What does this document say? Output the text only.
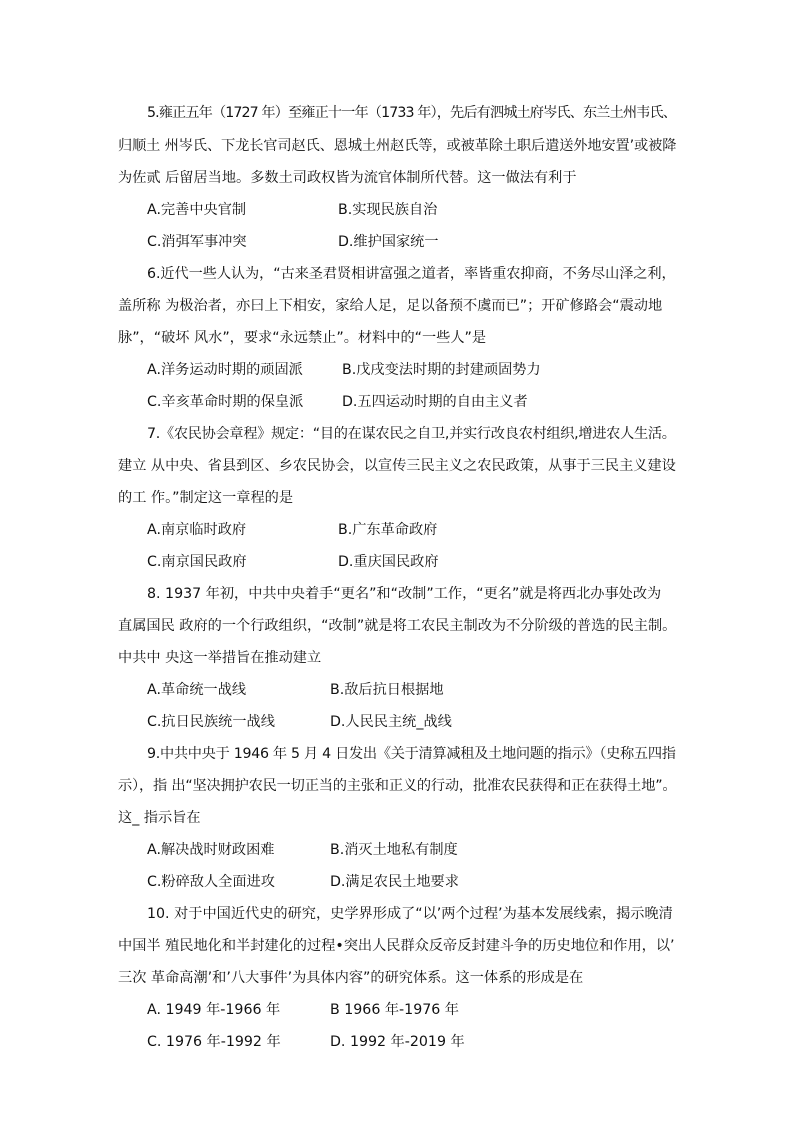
5.雍正五年（1727 年）至雍正十一年（1733 年），先后有泗城土府岑氏、东兰土州韦氏、
归顺土 州岑氏、下龙长官司赵氏、恩城土州赵氏等，或被革除土职后遣送外地安置’或被降
为佐贰 后留居当地。多数土司政权皆为流官体制所代替。这一做法有利于
A.完善中央官制	B.实现民族自治
C.消弭军事冲突	D.维护国家统一
6.近代一些人认为，“古来圣君贤相讲富强之道者，率皆重农抑商，不务尽山泽之利，
盖所称 为极治者，亦曰上下相安，家给人足，足以备预不虞而已”；开矿修路会“震动地
脉”，“破坏 风水”，要求“永远禁止”。材料中的“一些人”是
A.洋务运动时期的顽固派	B.戊戌变法时期的封建顽固势力
C.辛亥革命时期的保皇派	D.五四运动时期的自由主义者
7.《农民协会章程》规定：“目的在谋农民之自卫,并实行改良农村组织,增进农人生活。
建立 从中央、省县到区、乡农民协会，以宣传三民主义之农民政策，从事于三民主义建设
的工 作。”制定这一章程的是
A.南京临时政府	B.广东革命政府
C.南京国民政府	D.重庆国民政府
8. 1937 年初，中共中央着手“更名”和“改制”工作，“更名”就是将西北办事处改为
直属国民 政府的一个行政组织，“改制”就是将工农民主制改为不分阶级的普选的民主制。
中共中 央这一举措旨在推动建立
A.革命统一战线	B.敌后抗日根据地
C.抗日民族统一战线	D.人民民主统_战线
9.中共中央于 1946 年 5 月 4 日发出《关于清算减租及土地问题的指示》（史称五四指
示），指 出“坚决拥护农民一切正当的主张和正义的行动，批准农民获得和正在获得土地”。
这_ 指示旨在
A.解决战时财政困难	B.消灭土地私有制度
C.粉碎敌人全面进攻	D.满足农民土地要求
10. 对于中国近代史的研究，史学界形成了“以’两个过程’为基本发展线索，揭示晚清
中国半 殖民地化和半封建化的过程•突出人民群众反帝反封建斗争的历史地位和作用，以’
三次 革命高潮’和’八大事件’为具体内容”的研究体系。这一体系的形成是在
A. 1949 年-1966 年	B 1966 年-1976 年
C. 1976 年-1992 年	D. 1992 年-2019 年
